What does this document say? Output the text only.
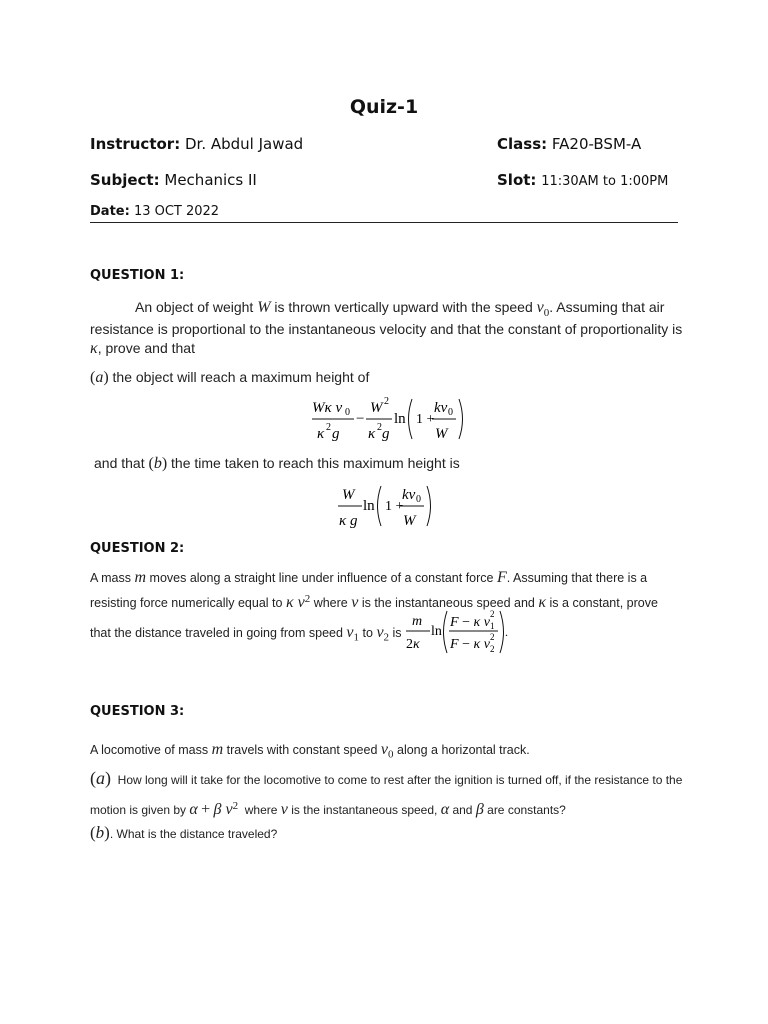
Quiz-1
Instructor: Dr. Abdul Jawad	Class: FA20-BSM-A
Subject: Mechanics II	Slot: 11:30AM to 1:00PM
Date: 13 OCT 2022
QUESTION 1:
An object of weight W is thrown vertically upward with the speed $v_0$. Assuming that air
resistance is proportional to the instantaneous velocity and that the constant of proportionality is
κ, prove and that
(a) the object will reach a maximum height of
Wκ v 0
κ 2 g
−
W 2
κ 2 g
ln 1 +
kv 0
W
and that (b) the time taken to reach this maximum height is
W
κ g
ln 1 +
kv 0
W
QUESTION 2:
A mass m moves along a straight line under influence of a constant force F. Assuming that there is a
resisting force numerically equal to κ $v^2$ where v is the instantaneous speed and κ is a constant, prove
that the distance traveled in going from speed $v_1$ to $v_2$ is
m
2κ
ln
F − κ v
2
1
F − κ v 2
2
.
QUESTION 3:
A locomotive of mass m travels with constant speed $v_0$ along a horizontal track.
(a) How long will it take for the locomotive to come to rest after the ignition is turned off, if the resistance to the
motion is given by α + β $v^2$ where v is the instantaneous speed, α and β are constants?
(b). What is the distance traveled?
